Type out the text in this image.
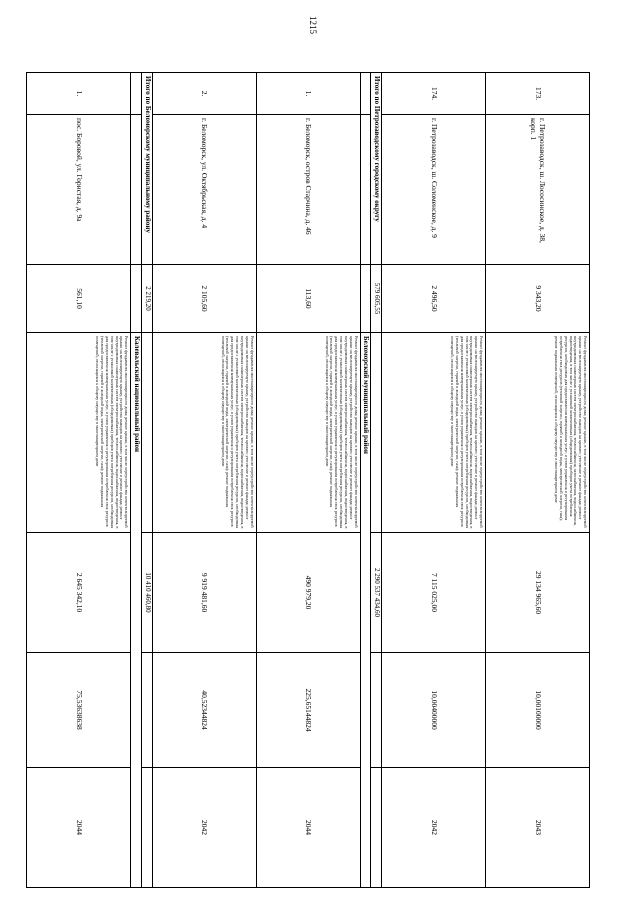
1215
173.	г. Петрозаводск, ш. Лососинское, д. 38, корп. 1	9 343,20	Ремонт фундамента многоквартирного дома; ремонт крыши, в том числе переустройство невентилируемой крыши на вентилируемую крышу, устройство выходов на кровлю; утепление и ремонт фасада; ремонт внутридомовых инженерных систем электроснабжения, теплоснабжения, газоснабжения, водоснабжения, водоотведения, в том числе с установкой коллективных (общедомовых) приборов учета потребления ресурсов, необходимых для предоставления коммунальных услуг, и узлов управления и регулирования потребления этих ресурсов (тепловой энергии, горячей и холодной воды, электрической энергии, газа); ремонт подвальных помещений, относящихся к общему имуществу в многоквартирном доме	29 134 965,60	10,00100000	2043
174.	г. Петрозаводск, ш. Соломенское, д. 9	2 496,50	Ремонт фундамента многоквартирного дома; ремонт крыши, в том числе переустройство невентилируемой крыши на вентилируемую крышу, устройство выходов на кровлю; утепление и ремонт фасада; ремонт внутридомовых инженерных систем электроснабжения, теплоснабжения, водоснабжения, водоотведения, в том числе с установкой коллективных (общедомовых) приборов учета потребления ресурсов, необходимых для предоставления коммунальных услуг, и узлов управления и регулирования потребления этих ресурсов (тепловой энергии, горячей и холодной воды, электрической энергии, газа); ремонт подвальных помещений, относящихся к общему имуществу в многоквартирном доме	7 115 025,00	10,00400000	2042
Итого по Петрозаводскому городскому округу		579 605,55		2 290 537 434,60		
			Беломорский муниципальный район			
1.	г. Беломорск, остров Старчина, д. 46	113,60	Ремонт фундамента многоквартирного дома; ремонт крыши, в том числе переустройство невентилируемой крыши на вентилируемую крышу, устройство выходов на кровлю; утепление и ремонт фасада; ремонт внутридомовых инженерных систем электроснабжения, теплоснабжения, водоснабжения, водоотведения, в том числе с установкой коллективных (общедомовых) приборов учета потребления ресурсов, необходимых для предоставления коммунальных услуг, и узлов управления и регулирования потребления этих ресурсов (тепловой энергии, горячей и холодной воды, электрической энергии, газа); ремонт подвальных помещений, относящихся к общему имуществу в многоквартирном доме	490 979,20	225,65144824	2044
2.	г. Беломорск, ул. Октябрьская, д. 4	2 105,60	Ремонт фундамента многоквартирного дома; ремонт крыши, в том числе переустройство невентилируемой крыши на вентилируемую крышу, устройство выходов на кровлю; утепление и ремонт фасада; ремонт внутридомовых инженерных систем электроснабжения, теплоснабжения, водоснабжения, водоотведения, в том числе с установкой коллективных (общедомовых) приборов учета потребления ресурсов, необходимых для предоставления коммунальных услуг, и узлов управления и регулирования потребления этих ресурсов (тепловой энергии, горячей и холодной воды, электрической энергии, газа); ремонт подвальных помещений, относящихся к общему имуществу в многоквартирном доме	9 919 481,60	40,52344824	2042
Итого по Беломорскому муниципальному району		2 219,20		10 410 460,80		
			Калевальский национальный район			
1.	пос. Боровой, ул. Гористая, д. 9а	561,10	Ремонт фундамента многоквартирного дома; ремонт крыши, в том числе переустройство невентилируемой крыши на вентилируемую крышу, устройство выходов на кровлю; утепление и ремонт фасада; ремонт внутридомовых инженерных систем электроснабжения, теплоснабжения, водоснабжения, водоотведения, в том числе с установкой коллективных (общедомовых) приборов учета потребления ресурсов, необходимых для предоставления коммунальных услуг, и узлов управления и регулирования потребления этих ресурсов (тепловой энергии, горячей и холодной воды, электрической энергии, газа); ремонт подвальных помещений, относящихся к общему имуществу в многоквартирном доме	2 645 342,10	75,53638638	2044
